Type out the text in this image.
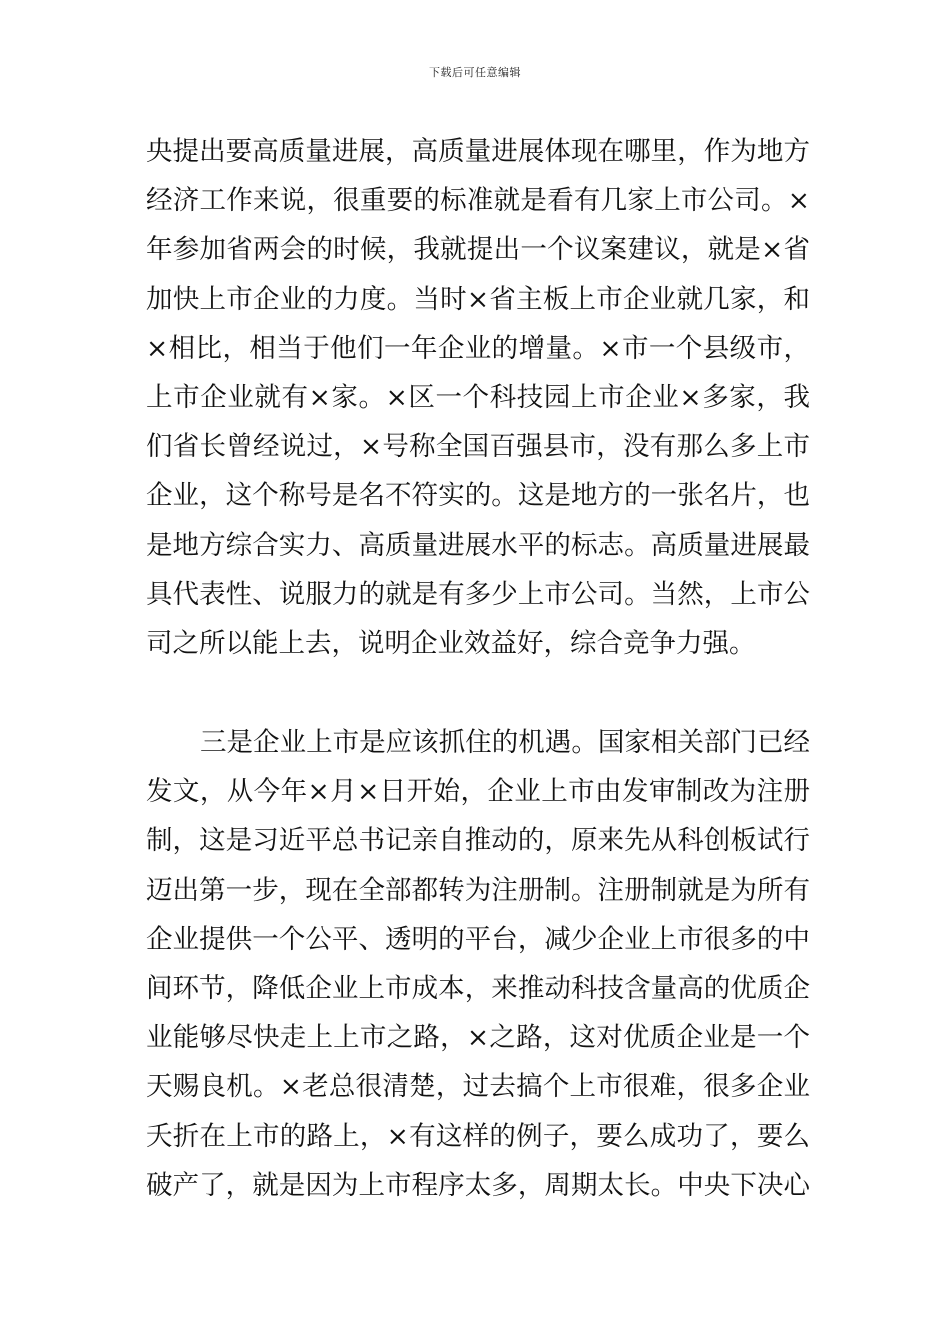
下载后可任意编辑
央提出要高质量进展，高质量进展体现在哪里，作为地方
经济工作来说，很重要的标准就是看有几家上市公司。×
年参加省两会的时候，我就提出一个议案建议，就是×省
加快上市企业的力度。当时×省主板上市企业就几家，和
×相比，相当于他们一年企业的增量。×市一个县级市，
上市企业就有×家。×区一个科技园上市企业×多家，我
们省长曾经说过，×号称全国百强县市，没有那么多上市
企业，这个称号是名不符实的。这是地方的一张名片，也
是地方综合实力、高质量进展水平的标志。高质量进展最
具代表性、说服力的就是有多少上市公司。当然，上市公
司之所以能上去，说明企业效益好，综合竞争力强。
三是企业上市是应该抓住的机遇。国家相关部门已经
发文，从今年×月×日开始，企业上市由发审制改为注册
制，这是习近平总书记亲自推动的，原来先从科创板试行
迈出第一步，现在全部都转为注册制。注册制就是为所有
企业提供一个公平、透明的平台，减少企业上市很多的中
间环节，降低企业上市成本，来推动科技含量高的优质企
业能够尽快走上上市之路，×之路，这对优质企业是一个
天赐良机。×老总很清楚，过去搞个上市很难，很多企业
夭折在上市的路上，×有这样的例子，要么成功了，要么
破产了，就是因为上市程序太多，周期太长。中央下决心
